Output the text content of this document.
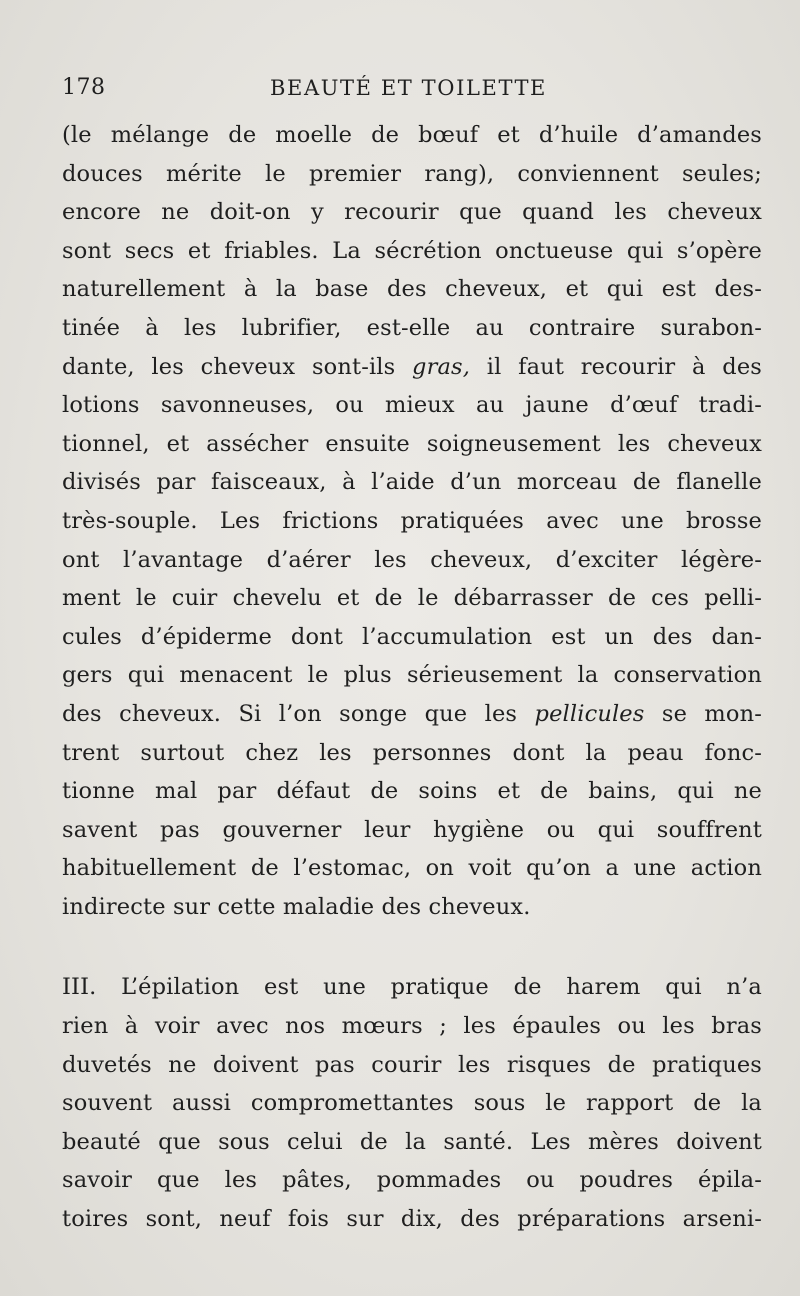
178	BEAUTÉ ET TOILETTE
(le mélange de moelle de bœuf et d’huile d’amandes
douces mérite le premier rang), conviennent seules;
encore ne doit-on y recourir que quand les cheveux
sont secs et friables. La sécrétion onctueuse qui s’opère
naturellement à la base des cheveux, et qui est des-
tinée à les lubrifier, est-elle au contraire surabon-
dante, les cheveux sont-ils gras, il faut recourir à des
lotions savonneuses, ou mieux au jaune d’œuf tradi-
tionnel, et assécher ensuite soigneusement les cheveux
divisés par faisceaux, à l’aide d’un morceau de flanelle
très-souple. Les frictions pratiquées avec une brosse
ont l’avantage d’aérer les cheveux, d’exciter légère-
ment le cuir chevelu et de le débarrasser de ces pelli-
cules d’épiderme dont l’accumulation est un des dan-
gers qui menacent le plus sérieusement la conservation
des cheveux. Si l’on songe que les pellicules se mon-
trent surtout chez les personnes dont la peau fonc-
tionne mal par défaut de soins et de bains, qui ne
savent pas gouverner leur hygiène ou qui souffrent
habituellement de l’estomac, on voit qu’on a une action
indirecte sur cette maladie des cheveux.
III. L’épilation est une pratique de harem qui n’a
rien à voir avec nos mœurs ; les épaules ou les bras
duvetés ne doivent pas courir les risques de pratiques
souvent aussi compromettantes sous le rapport de la
beauté que sous celui de la santé. Les mères doivent
savoir que les pâtes, pommades ou poudres épila-
toires sont, neuf fois sur dix, des préparations arseni-
